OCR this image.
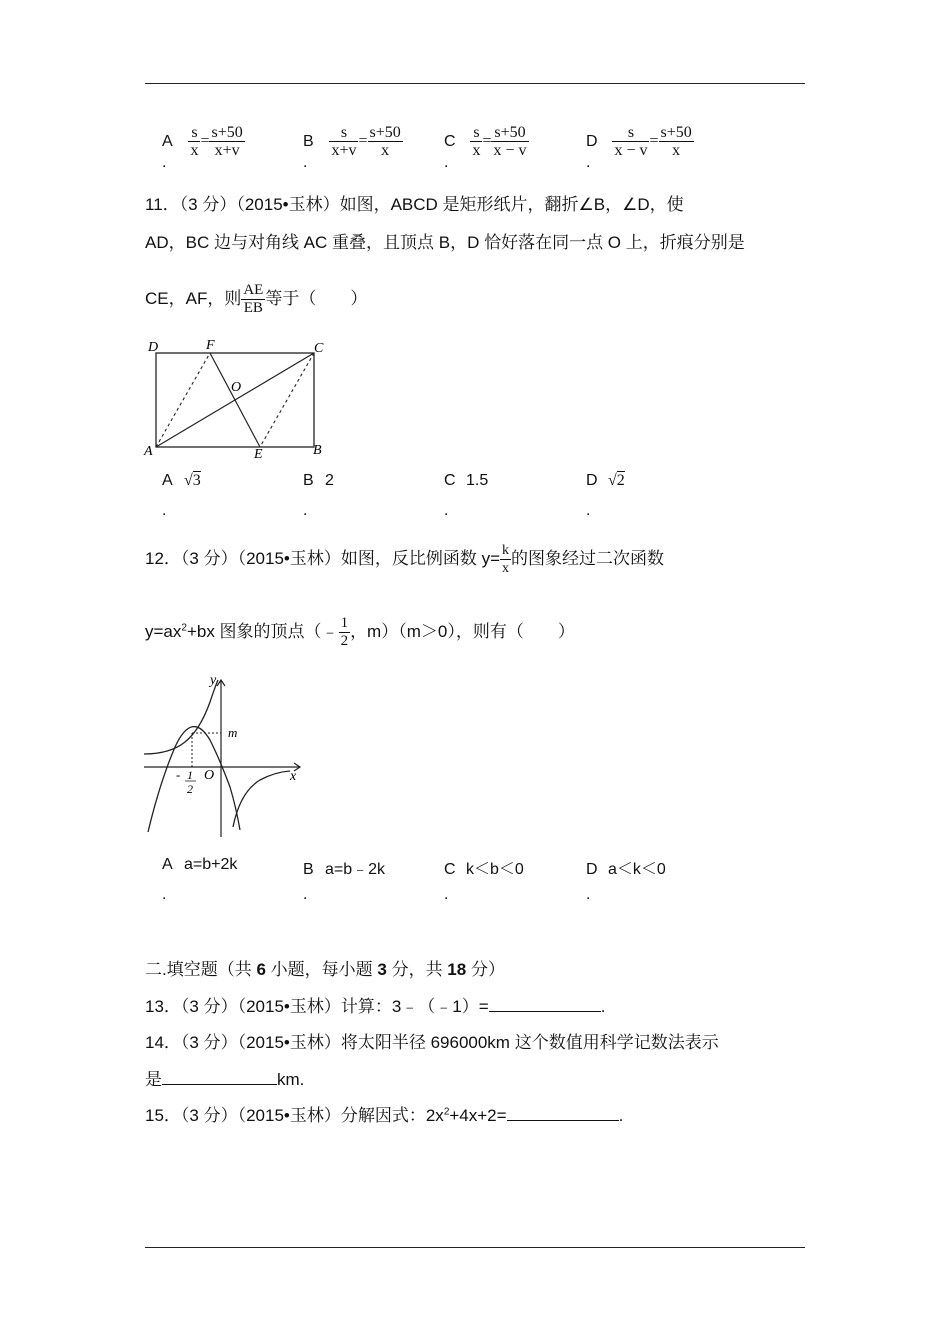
A $\frac{s}{x} = \frac{s+50}{x+v}$
.
B $\frac{s}{x+v} = \frac{s+50}{x}$
.
C $\frac{s}{x} = \frac{s+50}{x - v}$
.
D $\frac{s}{x - v} = \frac{s+50}{x}$
.
11．（3 分）（2015•玉林）如图，ABCD 是矩形纸片，翻折∠B，∠D，使
AD，BC 边与对角线 AC 重叠，且顶点 B，D 恰好落在同一点 O 上，折痕分别是
CE，AF，则 $\frac{AE}{EB}$ 等于（　　）
D	F	C
O
A	E	B
A √3
.
B 2
.
C 1.5
.
D √2
.
12．（3 分）（2015•玉林）如图，反比例函数 $y= \frac{k}{x}$ 的图象经过二次函数
$y=ax^2+bx$ 图象的顶点（﹣ $\frac{1}{2}$ ，m）（m＞0），则有（　　）
y
m
x
O
- 1
2
A a=b+2k
.
B a=b﹣2k
.
C k＜b＜0
.
D a＜k＜0
.
二.填空题（共 6 小题，每小题 3 分，共 18 分）
13．（3 分）（2015•玉林）计算：3﹣（﹣1）=	.
14．（3 分）（2015•玉林）将太阳半径 696000km 这个数值用科学记数法表示
是	km.
15．（3 分）（2015•玉林）分解因式：$2x^2+4x+2=$	.
